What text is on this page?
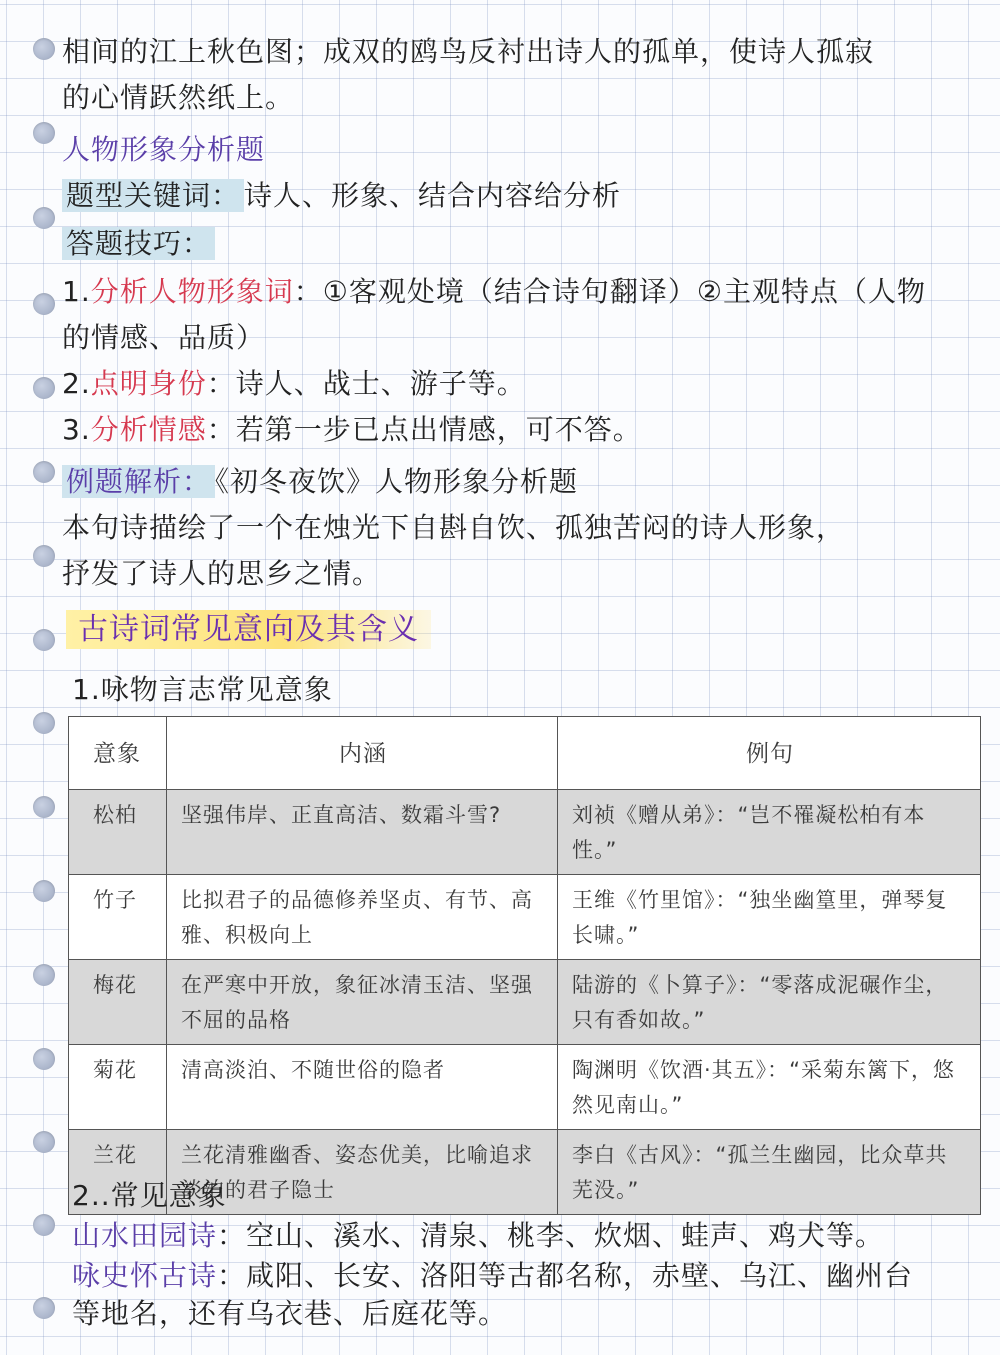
相间的江上秋色图；成双的鸥鸟反衬出诗人的孤单，使诗人孤寂
的心情跃然纸上。
人物形象分析题
题型关键词： 诗人、形象、结合内容给分析
答题技巧：
1.分析人物形象词：①客观处境（结合诗句翻译）②主观特点（人物
的情感、品质）
2.点明身份：诗人、战士、游子等。
3.分析情感：若第一步已点出情感，可不答。
例题解析： 《初冬夜饮》人物形象分析题
本句诗描绘了一个在烛光下自斟自饮、孤独苦闷的诗人形象，
抒发了诗人的思乡之情。
古诗词常见意向及其含义
1.咏物言志常见意象
意象	内涵	例句
松柏	坚强伟岸、正直高洁、数霜斗雪?	刘祯《赠从弟》：“岂不罹凝松柏有本性。”
竹子	比拟君子的品德修养坚贞、有节、高雅、积极向上	王维《竹里馆》：“独坐幽篁里，弹琴复长啸。”
梅花	在严寒中开放，象征冰清玉洁、坚强不屈的品格	陆游的《卜算子》：“零落成泥碾作尘，只有香如故。”
菊花	清高淡泊、不随世俗的隐者	陶渊明《饮酒·其五》：“采菊东篱下，悠然见南山。”
兰花	兰花清雅幽香、姿态优美，比喻追求淡泊的君子隐士	李白《古风》：“孤兰生幽园，比众草共芜没。”
2..常见意象
山水田园诗：空山、溪水、清泉、桃李、炊烟、蛙声、鸡犬等。
咏史怀古诗：咸阳、长安、洛阳等古都名称，赤壁、乌江、幽州台
等地名，还有乌衣巷、后庭花等。
